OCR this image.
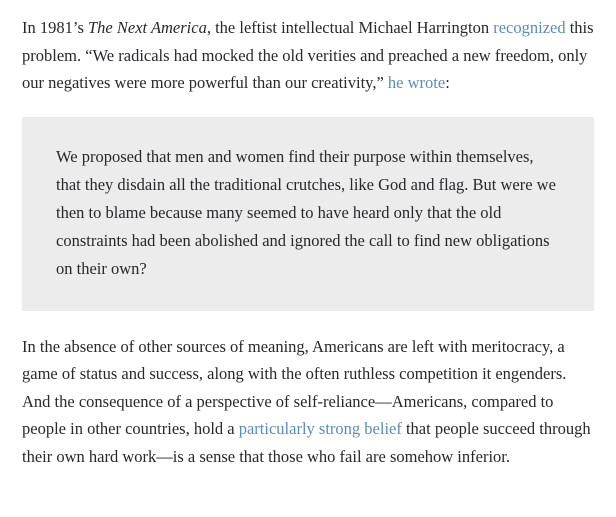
In 1981’s The Next America, the leftist intellectual Michael Harrington recognized this problem. “We radicals had mocked the old verities and preached a new freedom, only our negatives were more powerful than our creativity,” he wrote:

We proposed that men and women find their purpose within themselves, that they disdain all the traditional crutches, like God and flag. But were we then to blame because many seemed to have heard only that the old constraints had been abolished and ignored the call to find new obligations on their own?

In the absence of other sources of meaning, Americans are left with meritocracy, a game of status and success, along with the often ruthless competition it engenders. And the consequence of a perspective of self-reliance—Americans, compared to people in other countries, hold a particularly strong belief that people succeed through their own hard work—is a sense that those who fail are somehow inferior.
